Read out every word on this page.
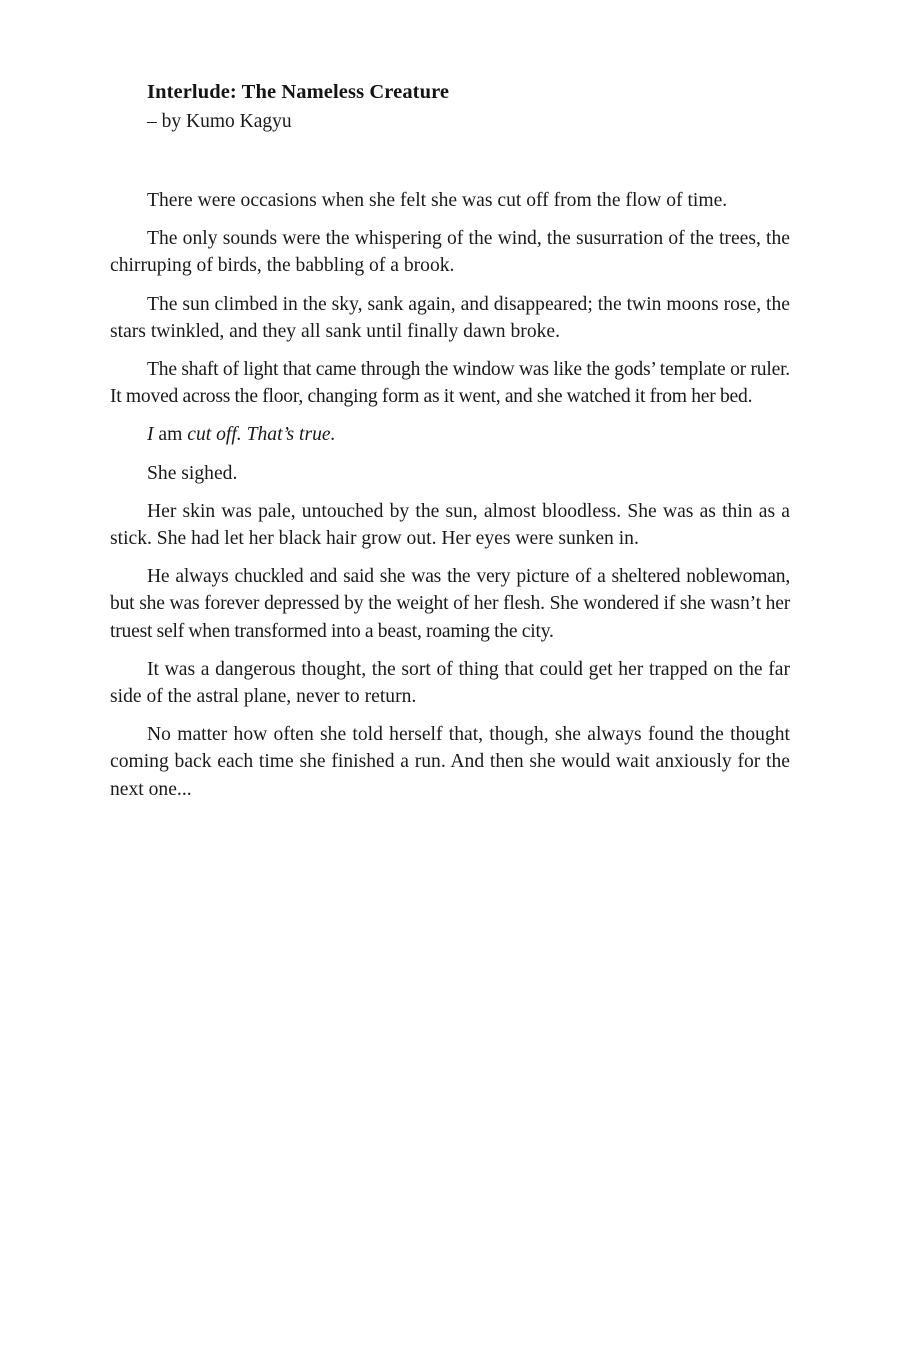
Interlude: The Nameless Creature

– by Kumo Kagyu

There were occasions when she felt she was cut off from the flow of time.

The only sounds were the whispering of the wind, the susurration of the trees, the chirruping of birds, the babbling of a brook.

The sun climbed in the sky, sank again, and disappeared; the twin moons rose, the stars twinkled, and they all sank until finally dawn broke.

The shaft of light that came through the window was like the gods’ template or ruler. It moved across the floor, changing form as it went, and she watched it from her bed.

I am cut off. That’s true.

She sighed.

Her skin was pale, untouched by the sun, almost bloodless. She was as thin as a stick. She had let her black hair grow out. Her eyes were sunken in.

He always chuckled and said she was the very picture of a sheltered noblewoman, but she was forever depressed by the weight of her flesh. She wondered if she wasn’t her truest self when transformed into a beast, roaming the city.

It was a dangerous thought, the sort of thing that could get her trapped on the far side of the astral plane, never to return.

No matter how often she told herself that, though, she always found the thought coming back each time she finished a run. And then she would wait anxiously for the next one...
